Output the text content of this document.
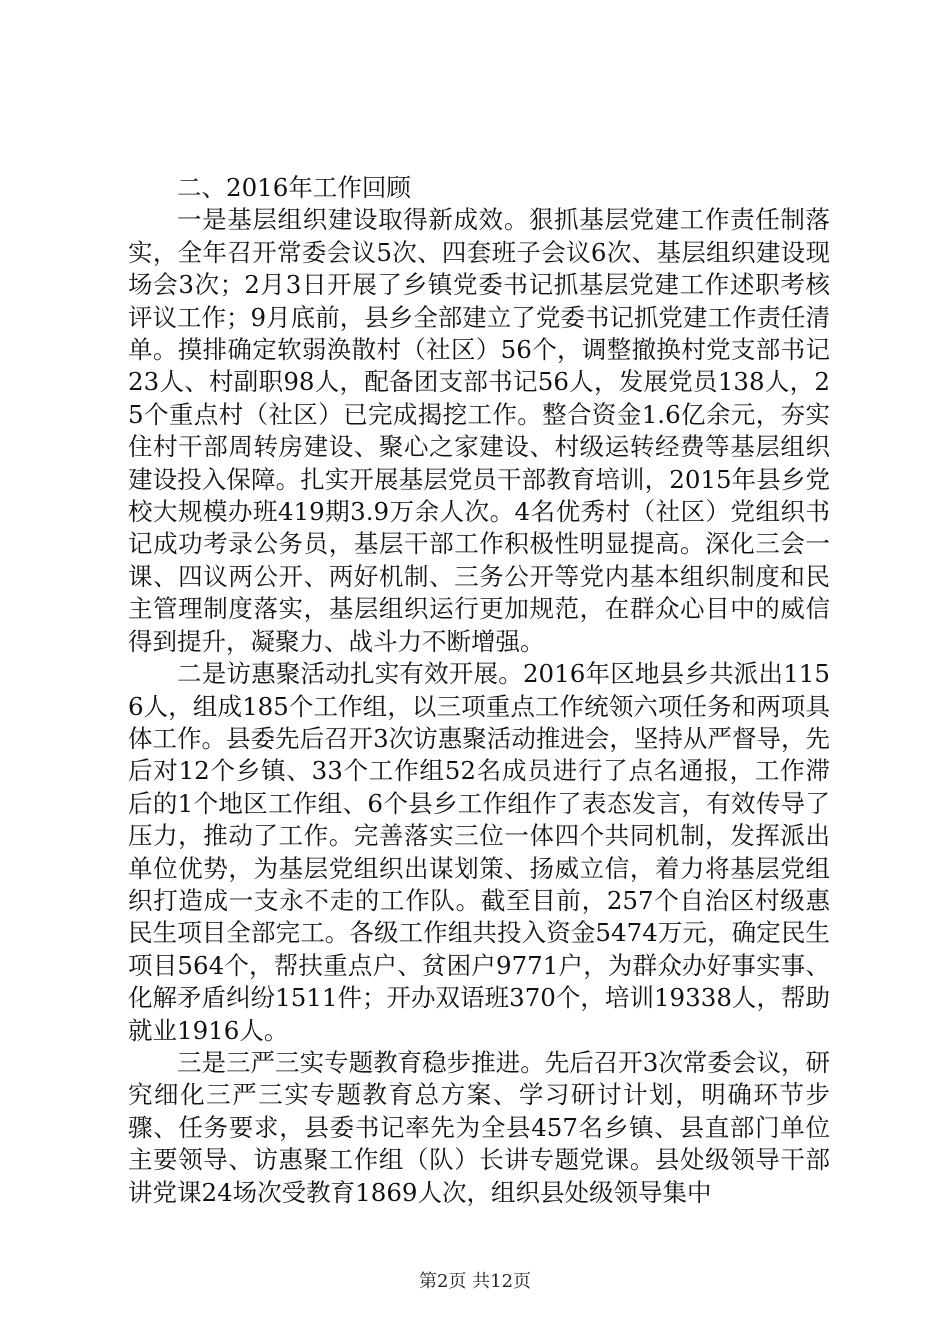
二、2016年工作回顾

一是基层组织建设取得新成效。狠抓基层党建工作责任制落实，全年召开常委会议5次、四套班子会议6次、基层组织建设现场会3次；2月3日开展了乡镇党委书记抓基层党建工作述职考核评议工作；9月底前，县乡全部建立了党委书记抓党建工作责任清单。摸排确定软弱涣散村（社区）56个，调整撤换村党支部书记23人、村副职98人，配备团支部书记56人，发展党员138人，25个重点村（社区）已完成揭挖工作。整合资金1.6亿余元，夯实住村干部周转房建设、聚心之家建设、村级运转经费等基层组织建设投入保障。扎实开展基层党员干部教育培训，2015年县乡党校大规模办班419期3.9万余人次。4名优秀村（社区）党组织书记成功考录公务员，基层干部工作积极性明显提高。深化三会一课、四议两公开、两好机制、三务公开等党内基本组织制度和民主管理制度落实，基层组织运行更加规范，在群众心目中的威信得到提升，凝聚力、战斗力不断增强。

二是访惠聚活动扎实有效开展。2016年区地县乡共派出1156人，组成185个工作组，以三项重点工作统领六项任务和两项具体工作。县委先后召开3次访惠聚活动推进会，坚持从严督导，先后对12个乡镇、33个工作组52名成员进行了点名通报，工作滞后的1个地区工作组、6个县乡工作组作了表态发言，有效传导了压力，推动了工作。完善落实三位一体四个共同机制，发挥派出单位优势，为基层党组织出谋划策、扬威立信，着力将基层党组织打造成一支永不走的工作队。截至目前，257个自治区村级惠民生项目全部完工。各级工作组共投入资金5474万元，确定民生项目564个，帮扶重点户、贫困户9771户，为群众办好事实事、化解矛盾纠纷1511件；开办双语班370个，培训19338人，帮助就业1916人。

三是三严三实专题教育稳步推进。先后召开3次常委会议，研究细化三严三实专题教育总方案、学习研讨计划，明确环节步骤、任务要求，县委书记率先为全县457名乡镇、县直部门单位主要领导、访惠聚工作组（队）长讲专题党课。县处级领导干部讲党课24场次受教育1869人次，组织县处级领导集中

第2页 共12页
